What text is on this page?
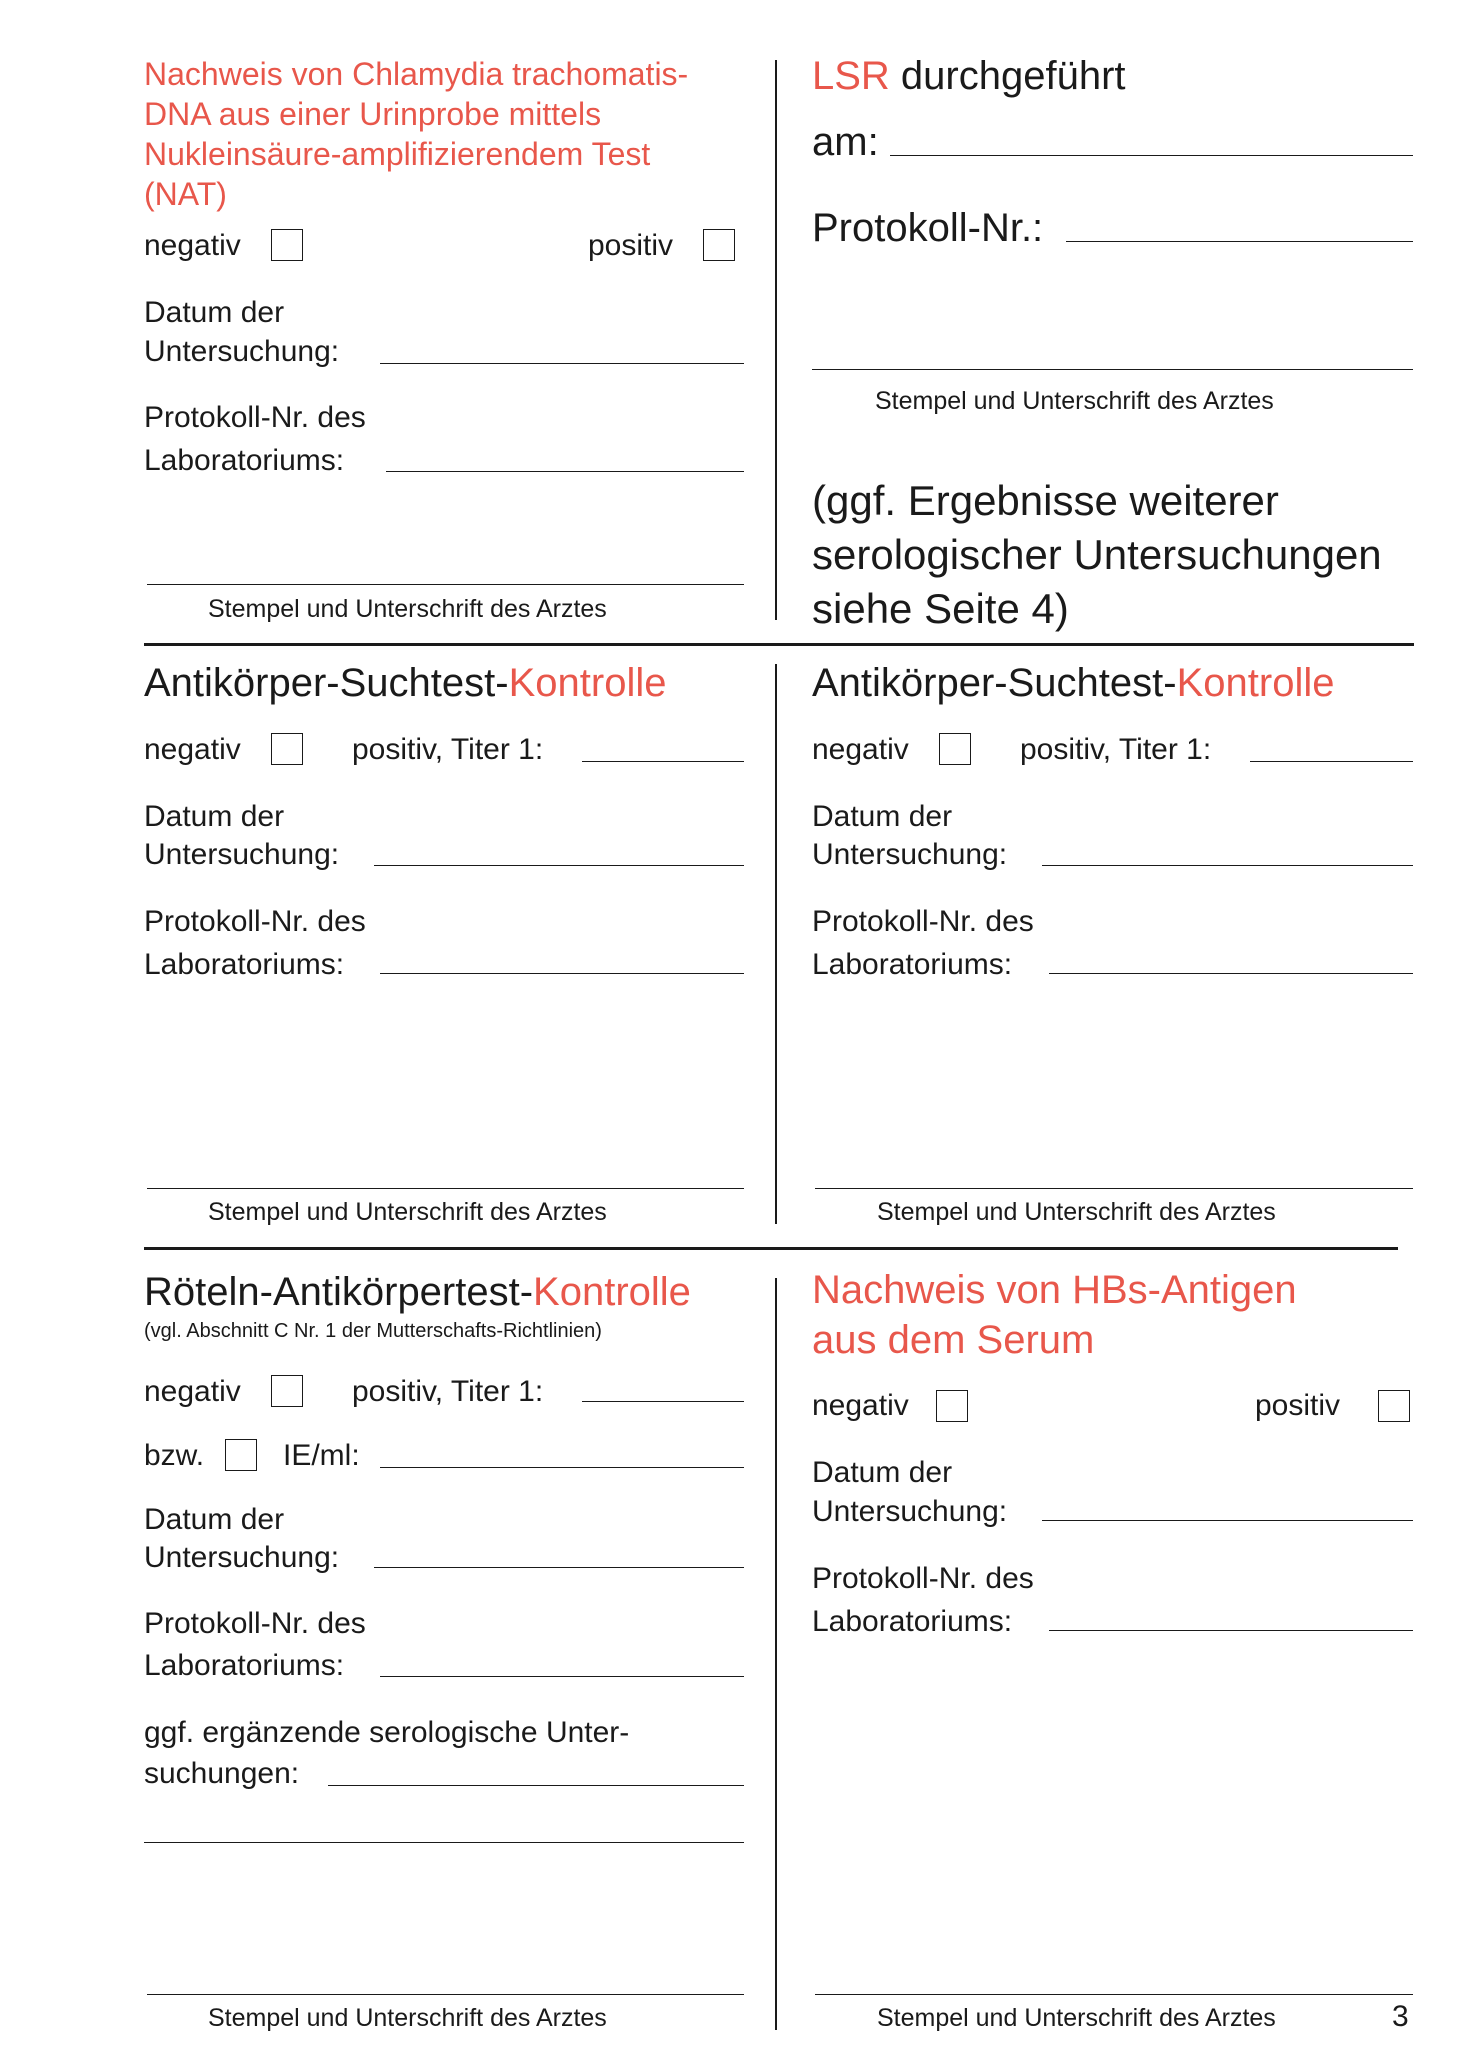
Nachweis von Chlamydia trachomatis-
DNA aus einer Urinprobe mittels
Nukleinsäure-amplifizierendem Test
(NAT)
negativ	positiv
Datum der
Untersuchung:
Protokoll-Nr. des
Laboratoriums:
Stempel und Unterschrift des Arztes
LSR durchgeführt
am:
Protokoll-Nr.:
Stempel und Unterschrift des Arztes
(ggf. Ergebnisse weiterer
serologischer Untersuchungen
siehe Seite 4)
Antikörper-Suchtest-Kontrolle
negativ	positiv, Titer 1:
Datum der
Untersuchung:
Protokoll-Nr. des
Laboratoriums:
Stempel und Unterschrift des Arztes
Antikörper-Suchtest-Kontrolle
negativ	positiv, Titer 1:
Datum der
Untersuchung:
Protokoll-Nr. des
Laboratoriums:
Stempel und Unterschrift des Arztes
Röteln-Antikörpertest-Kontrolle
(vgl. Abschnitt C Nr. 1 der Mutterschafts-Richtlinien)
negativ	positiv, Titer 1:
bzw.	IE/ml:
Datum der
Untersuchung:
Protokoll-Nr. des
Laboratoriums:
ggf. ergänzende serologische Unter-
suchungen:
Stempel und Unterschrift des Arztes
Nachweis von HBs-Antigen
aus dem Serum
negativ	positiv
Datum der
Untersuchung:
Protokoll-Nr. des
Laboratoriums:
Stempel und Unterschrift des Arztes	3
